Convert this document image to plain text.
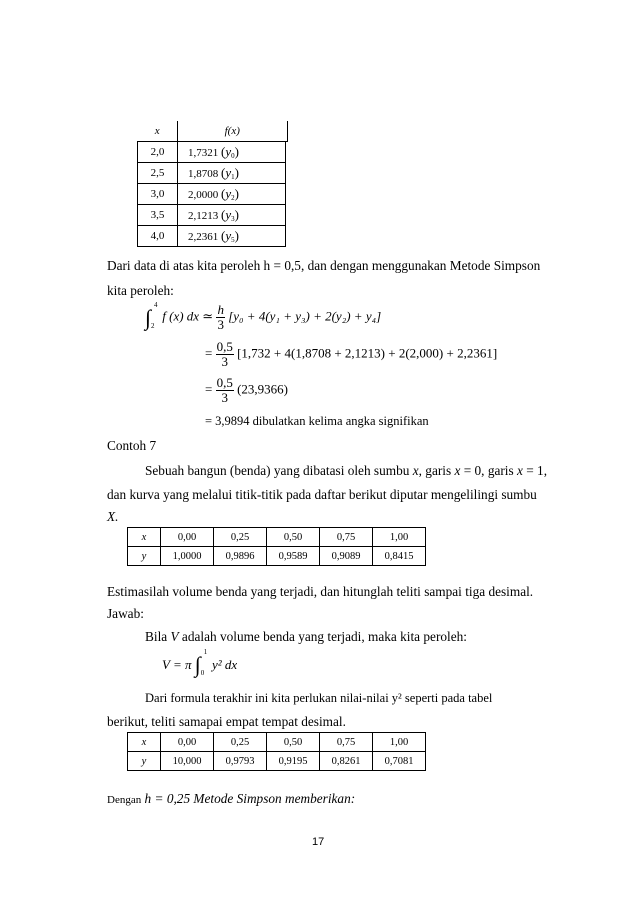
x	f(x)	
2,0	1,7321 $(y_0)$	
2,5	1,8708 $(y_1)$	
3,0	2,0000 $(y_2)$	
3,5	2,1213 $(y_3)$	
4,0	2,2361 $(y_5)$	
Dari data di atas kita peroleh h = 0,5, dan dengan menggunakan Metode Simpson
kita peroleh:
∫ 4
2
f (x) dx ≃ $\frac{h}{3} [y_0 + 4(y_1 + y_3) + 2(y_2) + y_4]$
= $\frac{0,5}{3} [1,732 + 4(1,8708 + 2,1213) + 2(2,000) + 2,2361]$
= $\frac{0,5}{3} (23,9366)$
= 3,9894 dibulatkan kelima angka signifikan
Contoh 7
Sebuah bangun (benda) yang dibatasi oleh sumbu x, garis x = 0, garis x = 1,
dan kurva yang melalui titik-titik pada daftar berikut diputar mengelilingi sumbu
X.
x	0,00	0,25	0,50	0,75	1,00
y	1,0000	0,9896	0,9589	0,9089	0,8415
Estimasilah volume benda yang terjadi, dan hitunglah teliti sampai tiga desimal.
Jawab:
Bila V adalah volume benda yang terjadi, maka kita peroleh:
V = π ∫ 1
0
y² dx
Dari formula terakhir ini kita perlukan nilai-nilai y² seperti pada tabel
berikut, teliti samapai empat tempat desimal.
x	0,00	0,25	0,50	0,75	1,00
y	10,000	0,9793	0,9195	0,8261	0,7081
Dengan h = 0,25 Metode Simpson memberikan:
17
